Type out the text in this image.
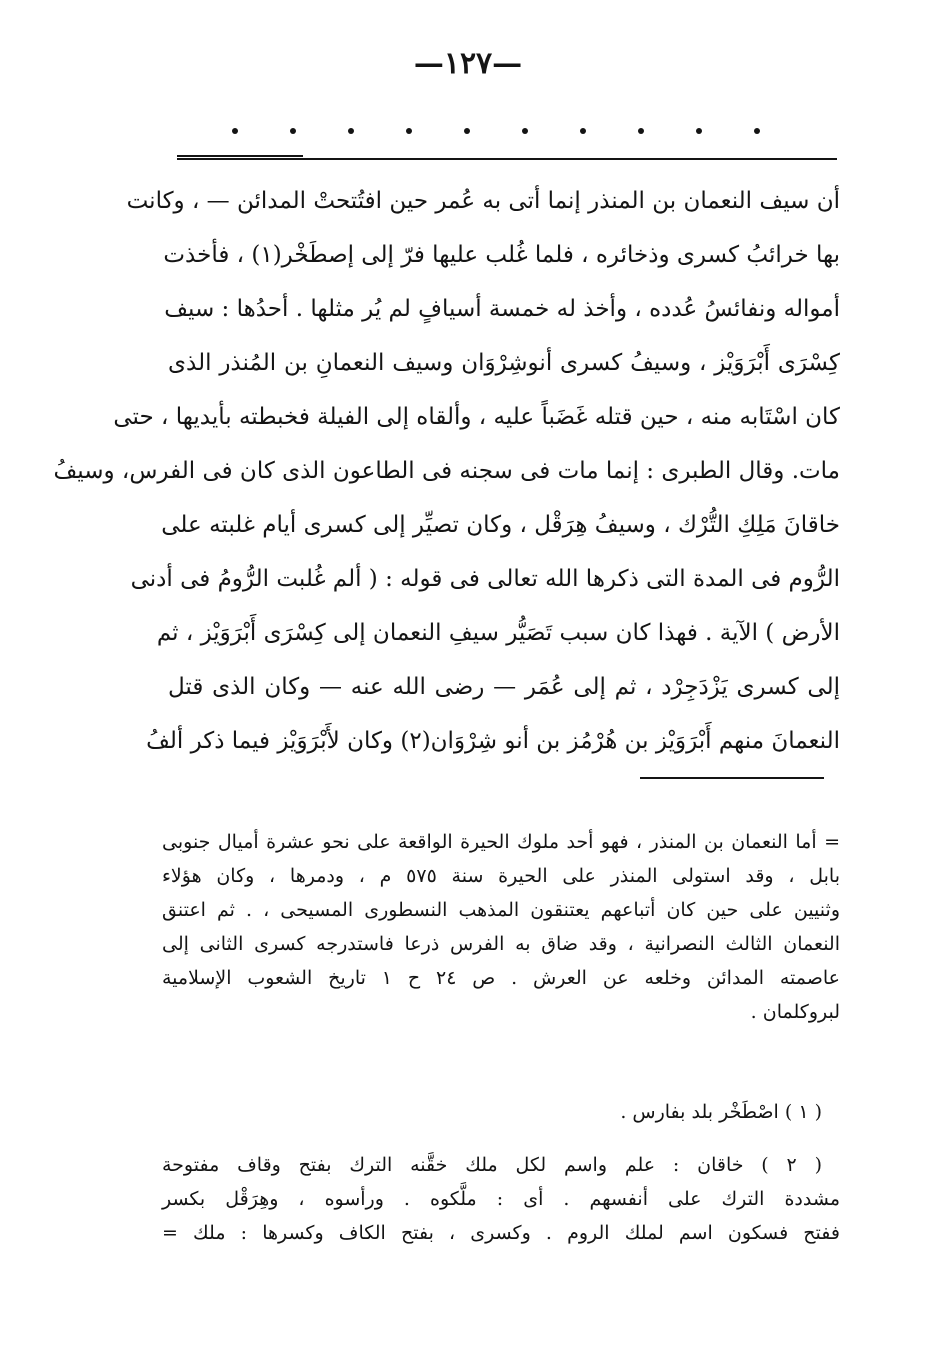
—١٢٧—
أن سيف النعمان بن المنذر إنما أتى به عُمر حين افتُتحتْ المدائن — ، وكانت
بها خرائبُ كسرى وذخائره ، فلما غُلب عليها فرّ إلى إصطَخْر(١) ، فأخذت
أمواله ونفائسُ عُدده ، وأخذ له خمسة أسيافٍ لم يُر مثلها . أحدُها : سيف
كِسْرَى أَبْرَوَيْز ، وسيفُ كسرى أنوشِرْوَان وسيف النعمانِ بن المُنذر الذى
كان اسْتَابه منه ، حين قتله غَضَباً عليه ، وألقاه إلى الفيلة فخبطته بأيديها ، حتى
مات. وقال الطبرى : إنما مات فى سجنه فى الطاعون الذى كان فى الفرس، وسيفُ
خاقانَ مَلِكِ التُّرْك ، وسيفُ هِرَقْل ، وكان تصيِّر إلى كسرى أيام غلبته على
الرُّوم فى المدة التى ذكرها الله تعالى فى قوله : ( ألم غُلبت الرُّومُ فى أدنى
الأرض ) الآية . فهذا كان سبب تَصَيُّر سيفِ النعمان إلى كِسْرَى أَبْرَوَيْز ، ثم
إلى كسرى يَزْدَجِرْد ، ثم إلى عُمَر — رضى الله عنه — وكان الذى قتل
النعمانَ منهم أَبْرَوَيْز بن هُرْمُز بن أنو شِرْوَان(٢) وكان لأَبْرَوَيْز فيما ذكر ألفُ
= أما النعمان بن المنذر ، فهو أحد ملوك الحيرة الواقعة على نحو عشرة أميال جنوبى
بابل ، وقد استولى المنذر على الحيرة سنة ٥٧٥ م ، ودمرها ، وكان هؤلاء
وثنيين على حين كان أتباعهم يعتنقون المذهب النسطورى المسيحى ، . ثم اعتنق
النعمان الثالث النصرانية ، وقد ضاق به الفرس ذرعا فاستدرجه كسرى الثانى إلى
عاصمته المدائن وخلعه عن العرش . ص ٢٤ ح ١ تاريخ الشعوب الإسلامية
لبروكلمان .
( ١ ) اصْطَخْر بلد بفارس .
( ٢ ) خاقان : علم واسم لكل ملك خقَّنه الترك بفتح وقاف مفتوحة
مشددة الترك على أنفسهم . أى : ملَّكوه . ورأسوه ، وهِرَقْل بكسر
ففتح فسكون اسم لملك الروم . وكسرى ، بفتح الكاف وكسرها : ملك =
